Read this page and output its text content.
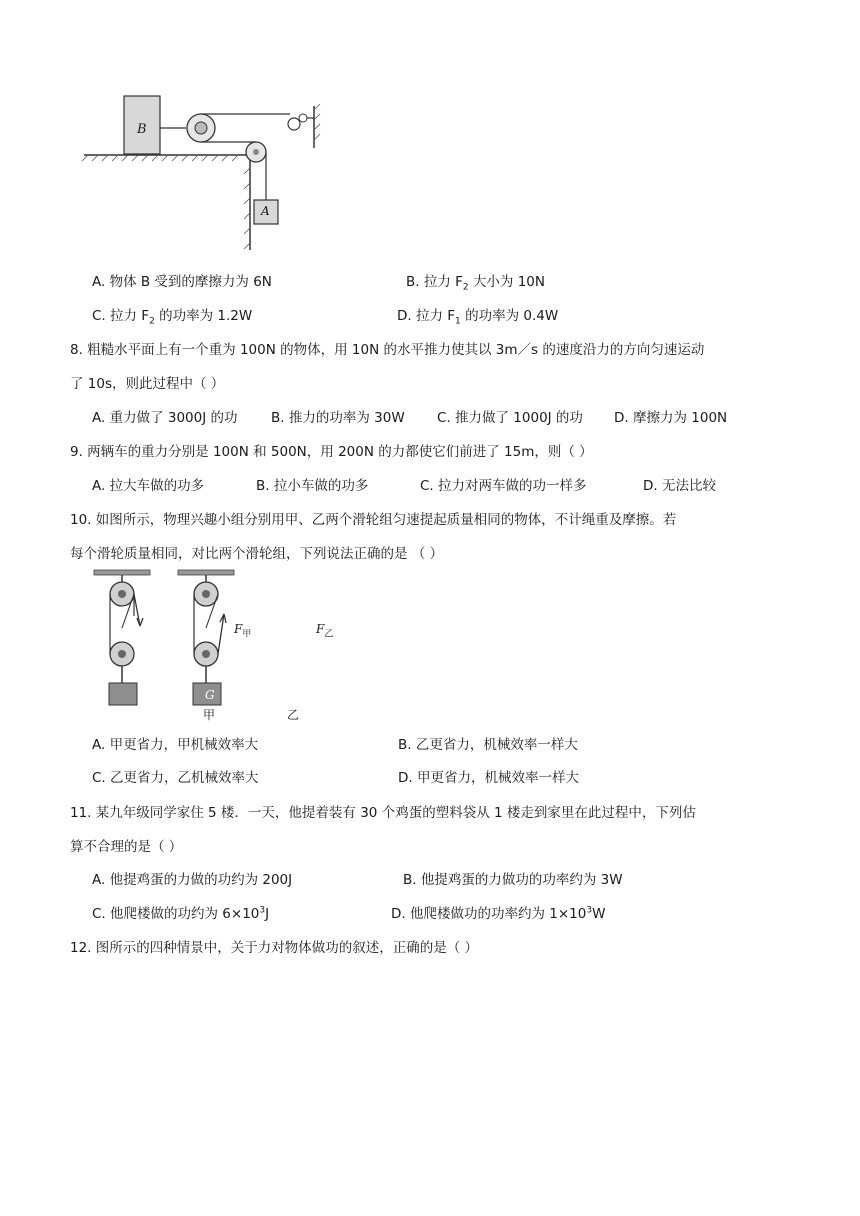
B
A
A. 物体 B 受到的摩擦力为 6N	B. 拉力 $F_2$ 大小为 10N
C. 拉力 $F_2$ 的功率为 1.2W	D. 拉力 $F_1$ 的功率为 0.4W
8. 粗糙水平面上有一个重为 100N 的物体，用 10N 的水平推力使其以 3m／s 的速度沿力的方向匀速运动
了 10s，则此过程中（ ）
A. 重力做了 3000J 的功 B. 推力的功率为 30W C. 推力做了 1000J 的功 D. 摩擦力为 100N
9. 两辆车的重力分别是 100N 和 500N，用 200N 的力都使它们前进了 15m，则（ ）
A. 拉大车做的功多	B. 拉小车做的功多	C. 拉力对两车做的功一样多	D. 无法比较
10. 如图所示，物理兴趣小组分别用甲、乙两个滑轮组匀速提起质量相同的物体，不计绳重及摩擦。若
每个滑轮质量相同，对比两个滑轮组，下列说法正确的是 （ ）
G	G
$F_甲$	$F_乙$
甲	乙
A. 甲更省力，甲机械效率大	B. 乙更省力，机械效率一样大
C. 乙更省力，乙机械效率大	D. 甲更省力，机械效率一样大
11. 某九年级同学家住 5 楼．一天，他提着装有 30 个鸡蛋的塑料袋从 1 楼走到家里在此过程中，下列估
算不合理的是（ ）
A. 他提鸡蛋的力做的功约为 200J	B. 他提鸡蛋的力做功的功率约为 3W
C. 他爬楼做的功约为 $6\times 10^3J$	D. 他爬楼做功的功率约为 $1\times 10^3W$
12. 图所示的四种情景中，关于力对物体做功的叙述，正确的是（ ）
